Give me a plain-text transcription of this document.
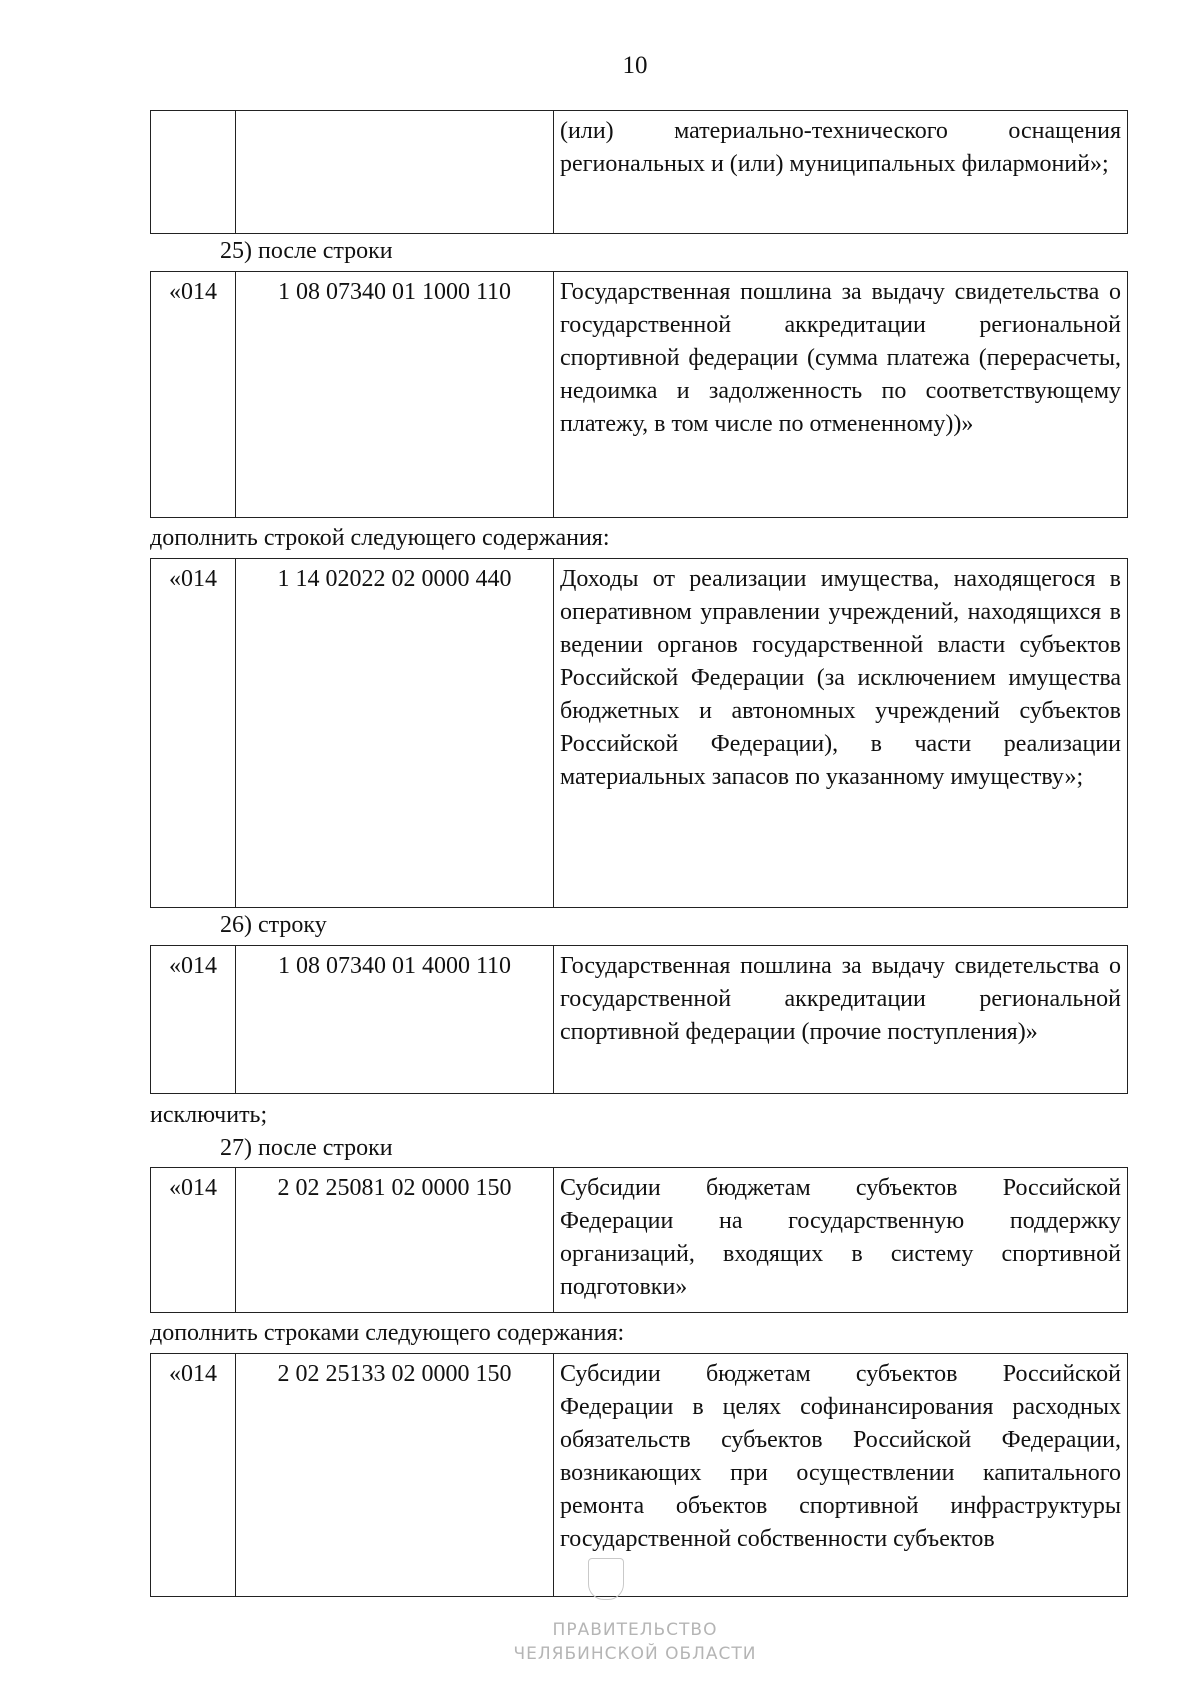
10
		(или) материально-технического оснащения региональных и (или) муниципальных филармоний»;
25) после строки
«014	1 08 07340 01 1000 110	Государственная пошлина за выдачу свидетельства о государственной аккредитации региональной спортивной федерации (сумма платежа (перерасчеты, недоимка и задолженность по соответствующему платежу, в том числе по отмененному))»
дополнить строкой следующего содержания:
«014	1 14 02022 02 0000 440	Доходы от реализации имущества, находящегося в оперативном управлении учреждений, находящихся в ведении органов государственной власти субъектов Российской Федерации (за исключением имущества бюджетных и автономных учреждений субъектов Российской Федерации), в части реализации материальных запасов по указанному имуществу»;
26) строку
«014	1 08 07340 01 4000 110	Государственная пошлина за выдачу свидетельства о государственной аккредитации региональной спортивной федерации (прочие поступления)»
исключить;
27) после строки
«014	2 02 25081 02 0000 150	Субсидии бюджетам субъектов Российской Федерации на государственную поддержку организаций, входящих в систему спортивной подготовки»
дополнить строками следующего содержания:
«014	2 02 25133 02 0000 150	Субсидии бюджетам субъектов Российской Федерации в целях софинансирования расходных обязательств субъектов Российской Федерации, возникающих при осуществлении капитального ремонта объектов спортивной инфраструктуры государственной собственности субъектов
ПРАВИТЕЛЬСТВО
ЧЕЛЯБИНСКОЙ ОБЛАСТИ
